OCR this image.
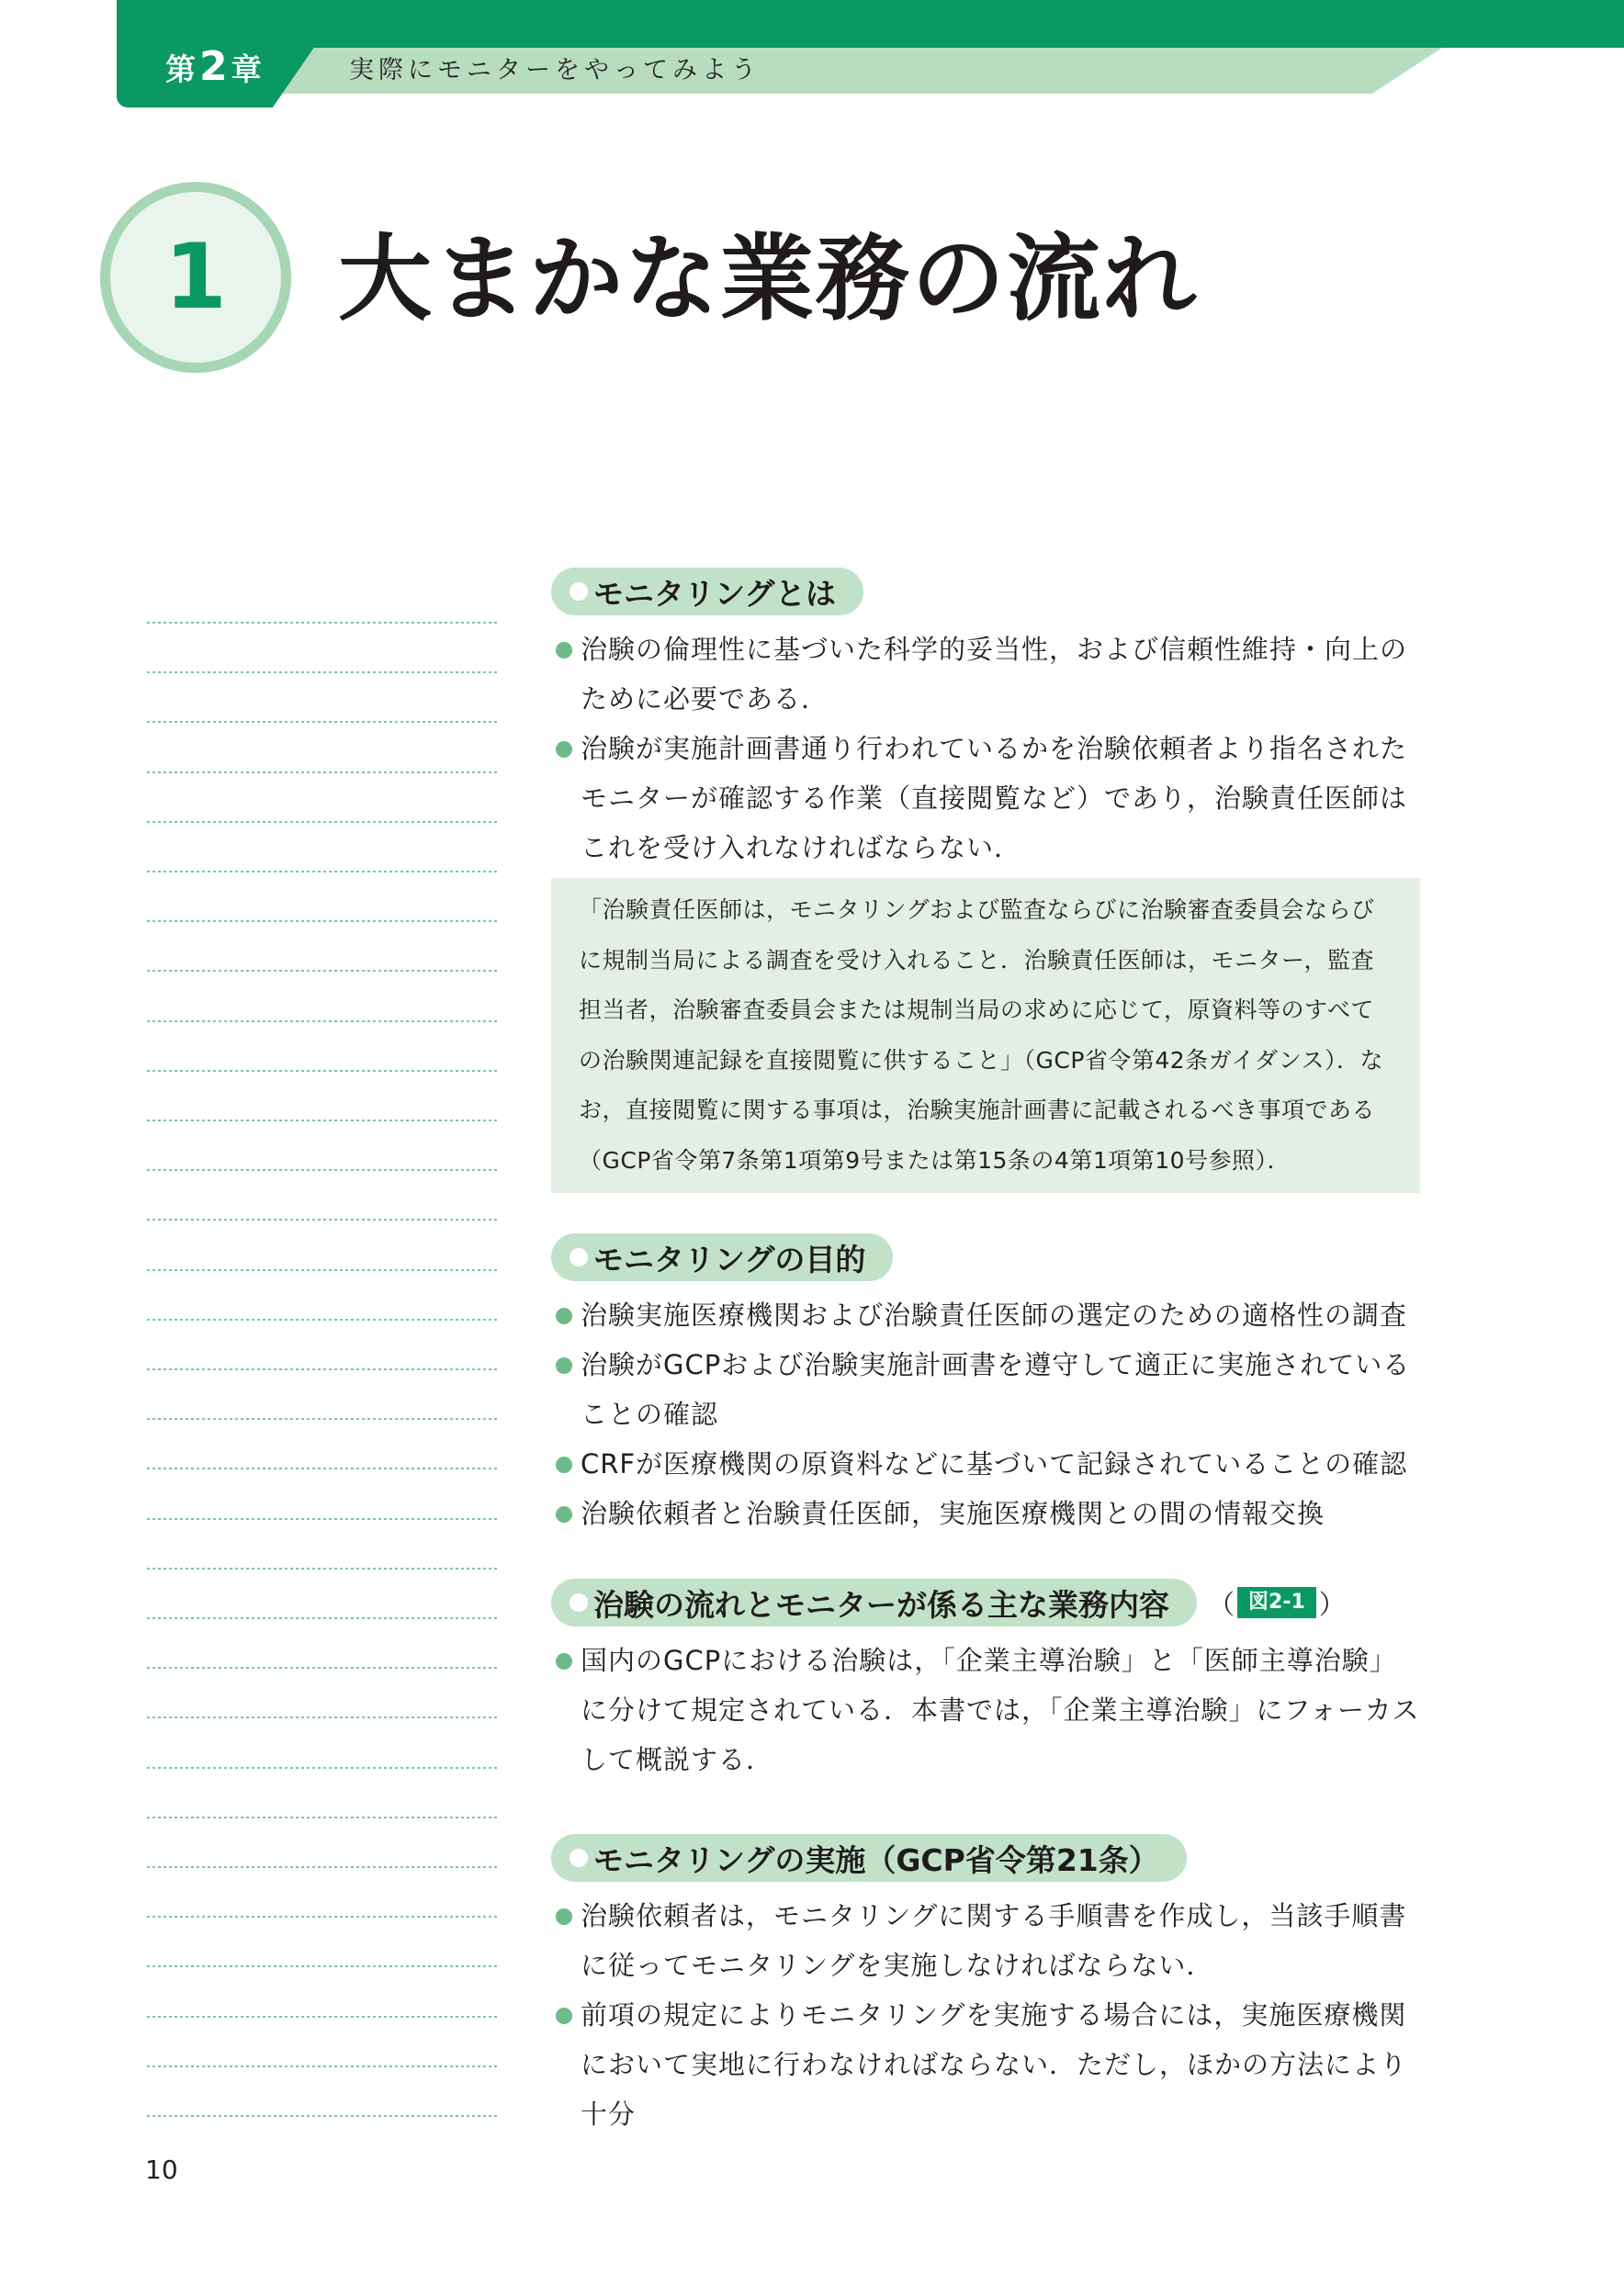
第2 章	実際にモニターをやってみよう
1 大まかな業務の流れ
モニタリングとは
治験の倫理性に基づいた科学的妥当性，および信頼性維持・向上のために必要である．
治験が実施計画書通り行われているかを治験依頼者より指名されたモニターが確認する作業（直接閲覧など）であり，治験責任医師はこれを受け入れなければならない．
「治験責任医師は，モニタリングおよび監査ならびに治験審査委員会ならびに規制当局による調査を受け入れること．治験責任医師は，モニター，監査担当者，治験審査委員会または規制当局の求めに応じて，原資料等のすべての治験関連記録を直接閲覧に供すること」（GCP省令第42条ガイダンス）．なお，直接閲覧に関する事項は，治験実施計画書に記載されるべき事項である（GCP省令第7条第1項第9号または第15条の4第1項第10号参照）．
モニタリングの目的
治験実施医療機関および治験責任医師の選定のための適格性の調査
治験がGCPおよび治験実施計画書を遵守して適正に実施されていることの確認
CRFが医療機関の原資料などに基づいて記録されていることの確認
治験依頼者と治験責任医師，実施医療機関との間の情報交換
治験の流れとモニターが係る主な業務内容 （ 図2-1 ）
国内のGCPにおける治験は，「企業主導治験」と「医師主導治験」に分けて規定されている．本書では，「企業主導治験」にフォーカスして概説する．
モニタリングの実施（GCP省令第21条）
治験依頼者は，モニタリングに関する手順書を作成し，当該手順書に従ってモニタリングを実施しなければならない．
前項の規定によりモニタリングを実施する場合には，実施医療機関において実地に行わなければならない．ただし，ほかの方法により十分
10
